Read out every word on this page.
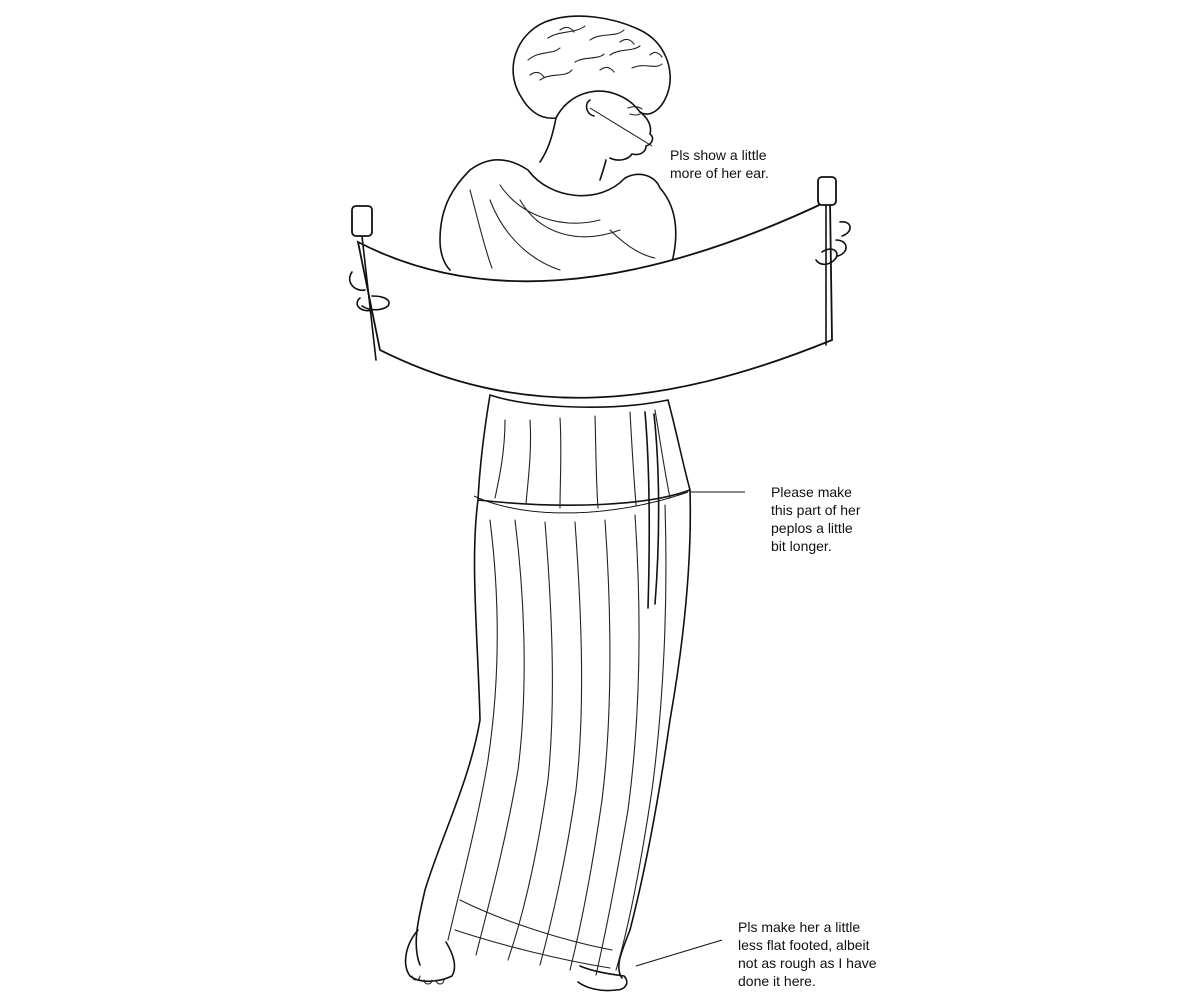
Pls show a little
more of her ear.

Please make
this part of her
peplos a little
bit longer.

Pls make her a little
less flat footed, albeit
not as rough as I have
done it here.
